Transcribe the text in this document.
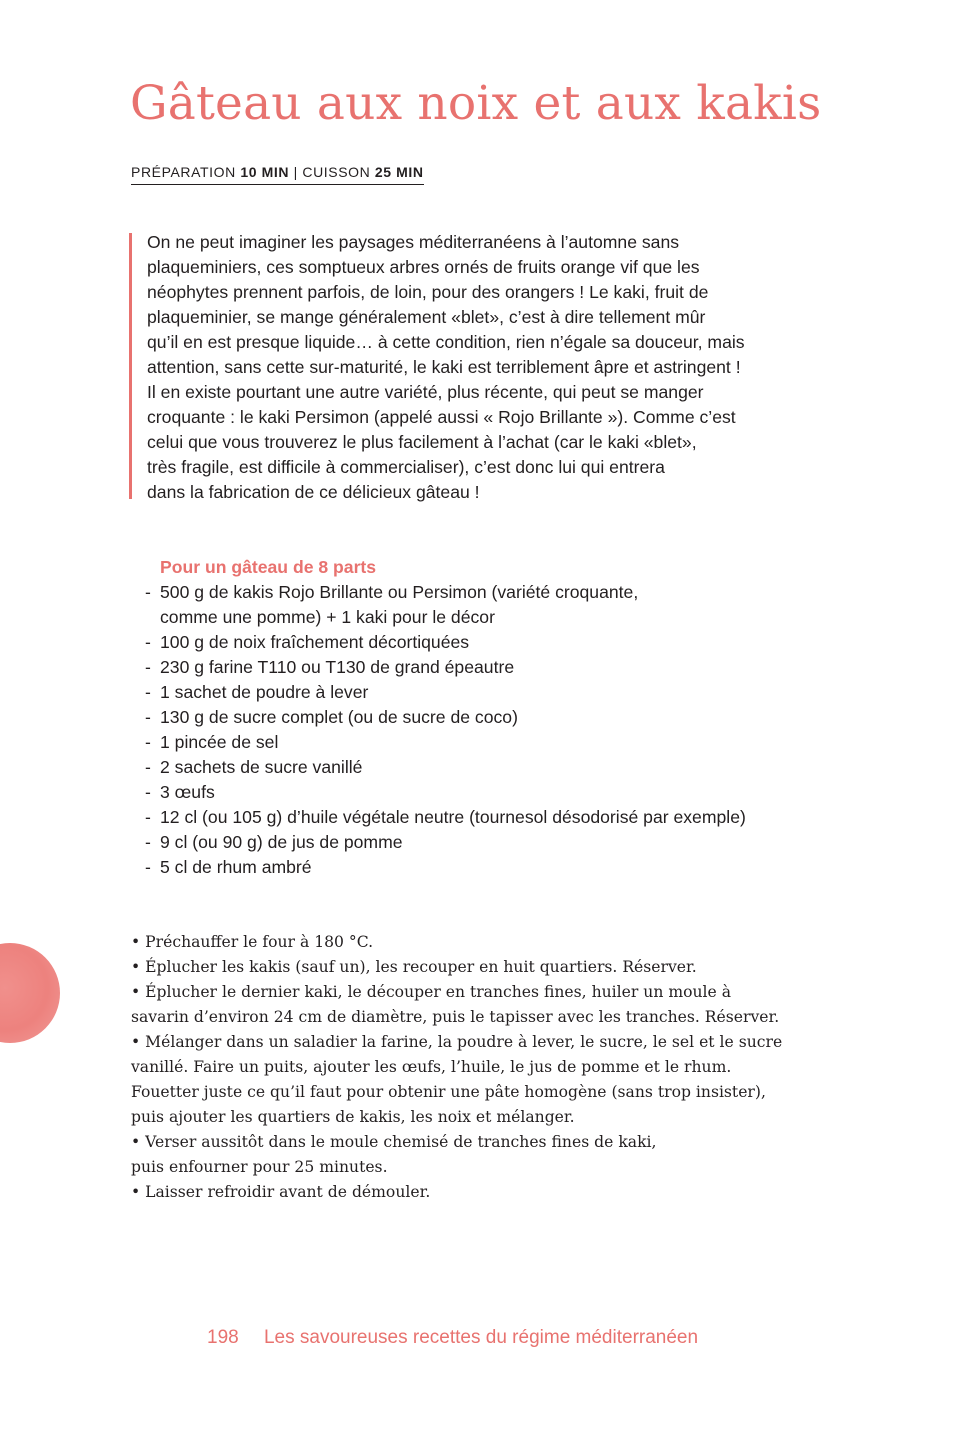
Gâteau aux noix et aux kakis
PRÉPARATION 10 MIN | CUISSON 25 MIN
On ne peut imaginer les paysages méditerranéens à l’automne sans
plaqueminiers, ces somptueux arbres ornés de fruits orange vif que les
néophytes prennent parfois, de loin, pour des orangers ! Le kaki, fruit de
plaqueminier, se mange généralement «blet», c’est à dire tellement mûr
qu’il en est presque liquide… à cette condition, rien n’égale sa douceur, mais
attention, sans cette sur-maturité, le kaki est terriblement âpre et astringent !
Il en existe pourtant une autre variété, plus récente, qui peut se manger
croquante : le kaki Persimon (appelé aussi « Rojo Brillante »). Comme c’est
celui que vous trouverez le plus facilement à l’achat (car le kaki «blet»,
très fragile, est difficile à commercialiser), c’est donc lui qui entrera
dans la fabrication de ce délicieux gâteau !
Pour un gâteau de 8 parts
- 500 g de kakis Rojo Brillante ou Persimon (variété croquante,
comme une pomme) + 1 kaki pour le décor
- 100 g de noix fraîchement décortiquées
- 230 g farine T110 ou T130 de grand épeautre
- 1 sachet de poudre à lever
- 130 g de sucre complet (ou de sucre de coco)
- 1 pincée de sel
- 2 sachets de sucre vanillé
- 3 œufs
- 12 cl (ou 105 g) d’huile végétale neutre (tournesol désodorisé par exemple)
- 9 cl (ou 90 g) de jus de pomme
- 5 cl de rhum ambré
• Préchauffer le four à 180 °C.
• Éplucher les kakis (sauf un), les recouper en huit quartiers. Réserver.
• Éplucher le dernier kaki, le découper en tranches fines, huiler un moule à
savarin d’environ 24 cm de diamètre, puis le tapisser avec les tranches. Réserver.
• Mélanger dans un saladier la farine, la poudre à lever, le sucre, le sel et le sucre
vanillé. Faire un puits, ajouter les œufs, l’huile, le jus de pomme et le rhum.
Fouetter juste ce qu’il faut pour obtenir une pâte homogène (sans trop insister),
puis ajouter les quartiers de kakis, les noix et mélanger.
• Verser aussitôt dans le moule chemisé de tranches fines de kaki,
puis enfourner pour 25 minutes.
• Laisser refroidir avant de démouler.
198 Les savoureuses recettes du régime méditerranéen
